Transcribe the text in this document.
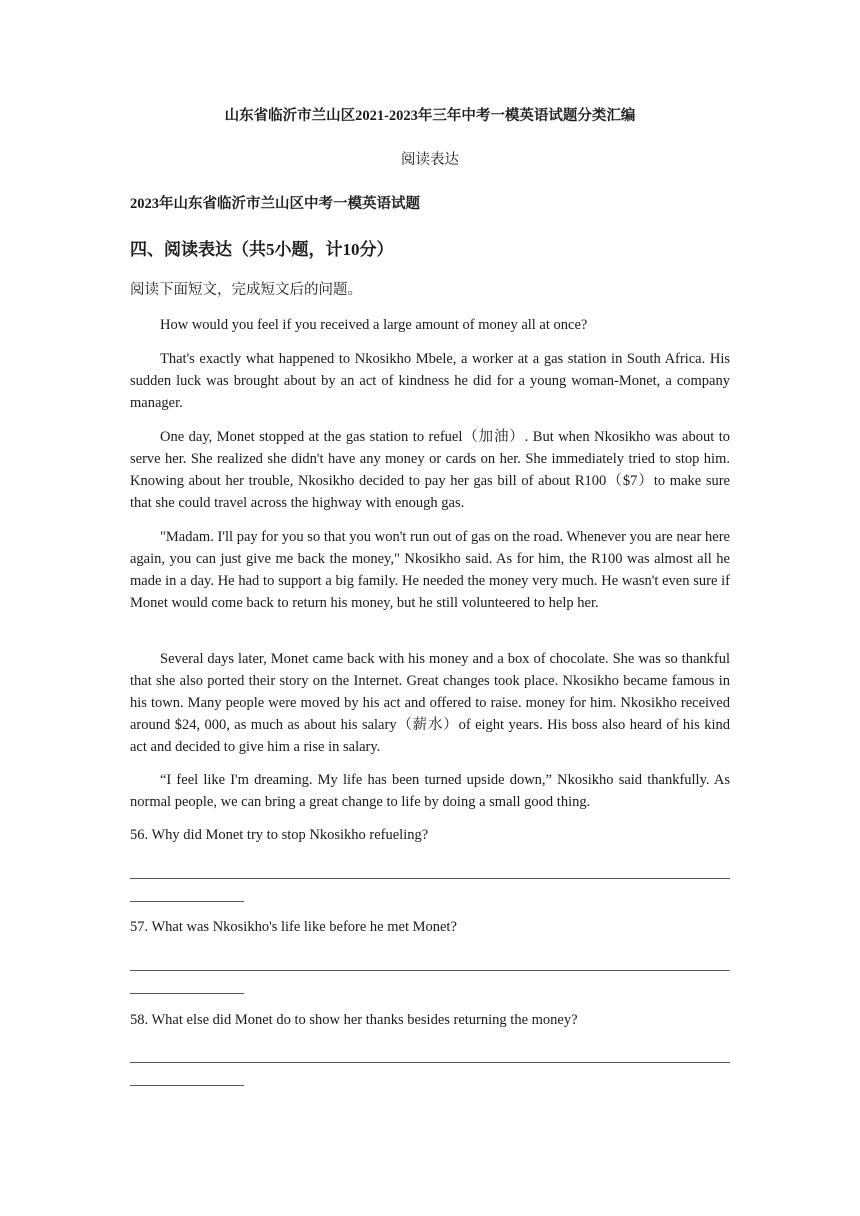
山东省临沂市兰山区2021-2023年三年中考一模英语试题分类汇编
阅读表达
2023年山东省临沂市兰山区中考一模英语试题
四、阅读表达（共5小题，计10分）
阅读下面短文，完成短文后的问题。

How would you feel if you received a large amount of money all at once?

That's exactly what happened to Nkosikho Mbele, a worker at a gas station in South Africa. His sudden luck was brought about by an act of kindness he did for a young woman-Monet, a company manager.

One day, Monet stopped at the gas station to refuel（加油）. But when Nkosikho was about to serve her. She realized she didn't have any money or cards on her. She immediately tried to stop him. Knowing about her trouble, Nkosikho decided to pay her gas bill of about R100（$7）to make sure that she could travel across the highway with enough gas.

"Madam. I'll pay for you so that you won't run out of gas on the road. Whenever you are near here again, you can just give me back the money," Nkosikho said. As for him, the R100 was almost all he made in a day. He had to support a big family. He needed the money very much. He wasn't even sure if Monet would come back to return his money, but he still volunteered to help her.

Several days later, Monet came back with his money and a box of chocolate. She was so thankful that she also ported their story on the Internet. Great changes took place. Nkosikho became famous in his town. Many people were moved by his act and offered to raise. money for him. Nkosikho received around $24, 000, as much as about his salary（薪水）of eight years. His boss also heard of his kind act and decided to give him a rise in salary.

“I feel like I'm dreaming. My life has been turned upside down,” Nkosikho said thankfully. As normal people, we can bring a great change to life by doing a small good thing.

56. Why did Monet try to stop Nkosikho refueling?
57. What was Nkosikho's life like before he met Monet?
58. What else did Monet do to show her thanks besides returning the money?
